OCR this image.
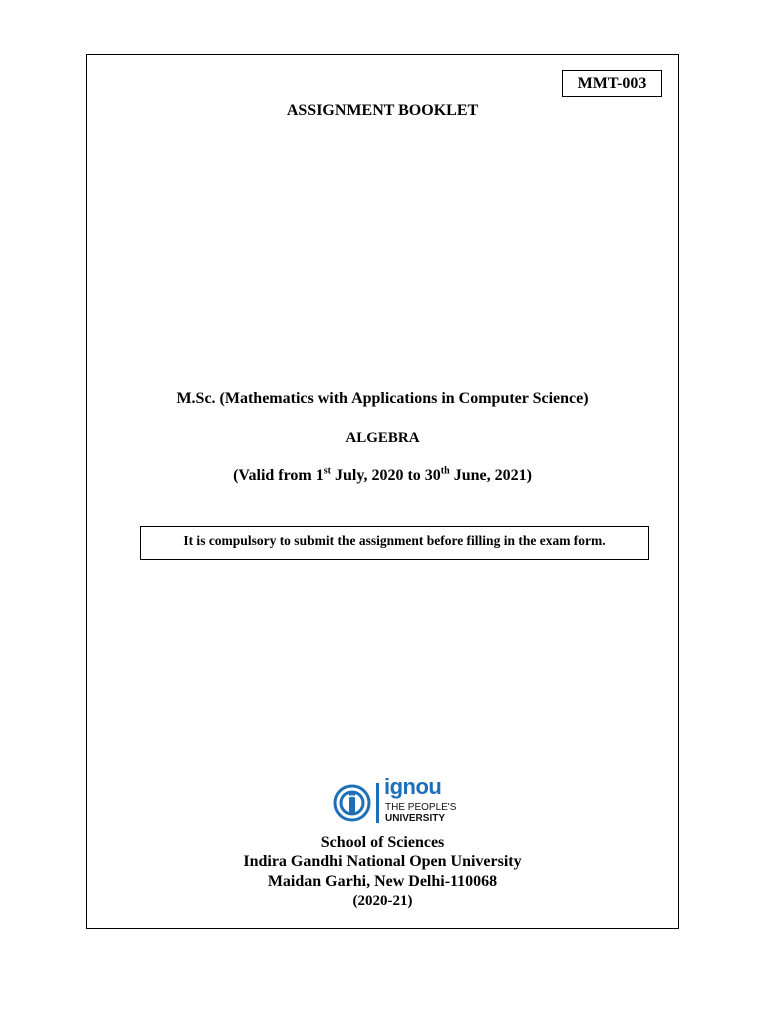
MMT-003
ASSIGNMENT BOOKLET
M.Sc. (Mathematics with Applications in Computer Science)
ALGEBRA
(Valid from 1st July, 2020 to 30th June, 2021)
It is compulsory to submit the assignment before filling in the exam form.
ignou
THE PEOPLE'S
UNIVERSITY
School of Sciences
Indira Gandhi National Open University
Maidan Garhi, New Delhi-110068
(2020-21)
